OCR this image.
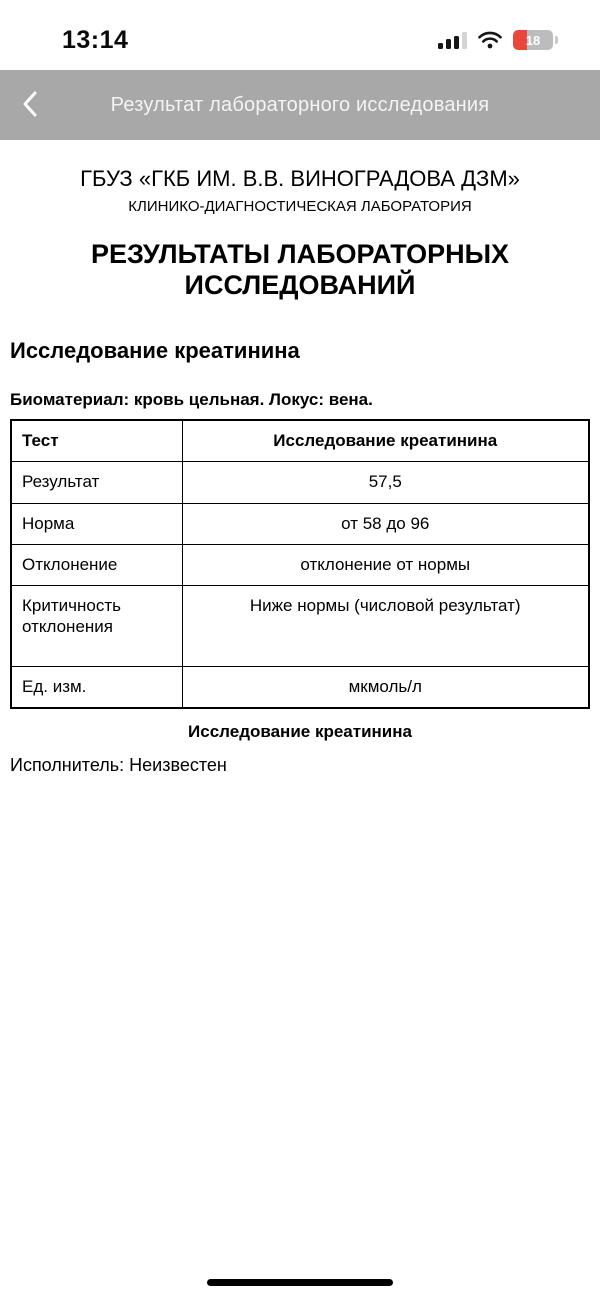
13:14	18
Результат лабораторного исследования
ГБУЗ «ГКБ ИМ. В.В. ВИНОГРАДОВА ДЗМ»
КЛИНИКО-ДИАГНОСТИЧЕСКАЯ ЛАБОРАТОРИЯ
РЕЗУЛЬТАТЫ ЛАБОРАТОРНЫХ ИССЛЕДОВАНИЙ
Исследование креатинина
Биоматериал: кровь цельная. Локус: вена.
Тест	Исследование креатинина
Результат	57,5
Норма	от 58 до 96
Отклонение	отклонение от нормы
Критичность отклонения	Ниже нормы (числовой результат)
Ед. изм.	мкмоль/л
Исследование креатинина
Исполнитель: Неизвестен
